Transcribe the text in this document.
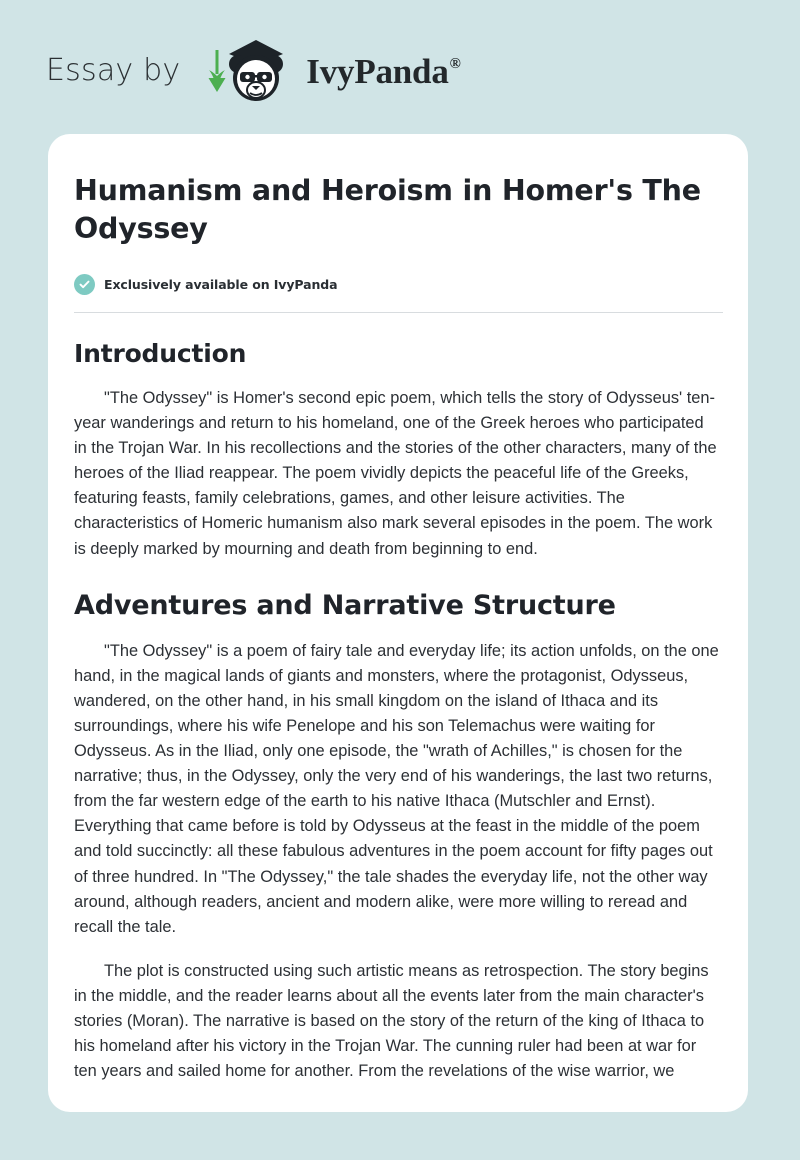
Essay by	IvyPanda®
Humanism and Heroism in Homer's The Odyssey
Exclusively available on IvyPanda
Introduction

"The Odyssey" is Homer's second epic poem, which tells the story of Odysseus' ten-year wanderings and return to his homeland, one of the Greek heroes who participated in the Trojan War. In his recollections and the stories of the other characters, many of the heroes of the Iliad reappear. The poem vividly depicts the peaceful life of the Greeks, featuring feasts, family celebrations, games, and other leisure activities. The characteristics of Homeric humanism also mark several episodes in the poem. The work is deeply marked by mourning and death from beginning to end.

Adventures and Narrative Structure

"The Odyssey" is a poem of fairy tale and everyday life; its action unfolds, on the one hand, in the magical lands of giants and monsters, where the protagonist, Odysseus, wandered, on the other hand, in his small kingdom on the island of Ithaca and its surroundings, where his wife Penelope and his son Telemachus were waiting for Odysseus. As in the Iliad, only one episode, the "wrath of Achilles," is chosen for the narrative; thus, in the Odyssey, only the very end of his wanderings, the last two returns, from the far western edge of the earth to his native Ithaca (Mutschler and Ernst). Everything that came before is told by Odysseus at the feast in the middle of the poem and told succinctly: all these fabulous adventures in the poem account for fifty pages out of three hundred. In "The Odyssey," the tale shades the everyday life, not the other way around, although readers, ancient and modern alike, were more willing to reread and recall the tale.

The plot is constructed using such artistic means as retrospection. The story begins in the middle, and the reader learns about all the events later from the main character's stories (Moran). The narrative is based on the story of the return of the king of Ithaca to his homeland after his victory in the Trojan War. The cunning ruler had been at war for ten years and sailed home for another. From the revelations of the wise warrior, we
